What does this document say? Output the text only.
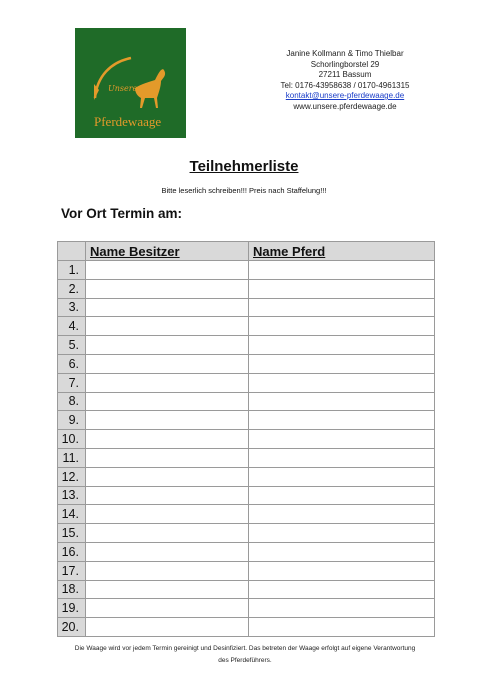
Unsere
Pferdewaage
Janine Kollmann & Timo Thielbar
Schorlingborstel 29
27211 Bassum
Tel: 0176-43958638 / 0170-4961315
kontakt@unsere-pferdewaage.de
www.unsere.pferdewaage.de
Teilnehmerliste
Bitte leserlich schreiben!!! Preis nach Staffelung!!!
Vor Ort Termin am:
	Name Besitzer	Name Pferd
1.		
2.		
3.		
4.		
5.		
6.		
7.		
8.		
9.		
10.		
11.		
12.		
13.		
14.		
15.		
16.		
17.		
18.		
19.		
20.		
Die Waage wird vor jedem Termin gereinigt und Desinfiziert. Das betreten der Waage erfolgt auf eigene Verantwortung
des Pferdeführers.
